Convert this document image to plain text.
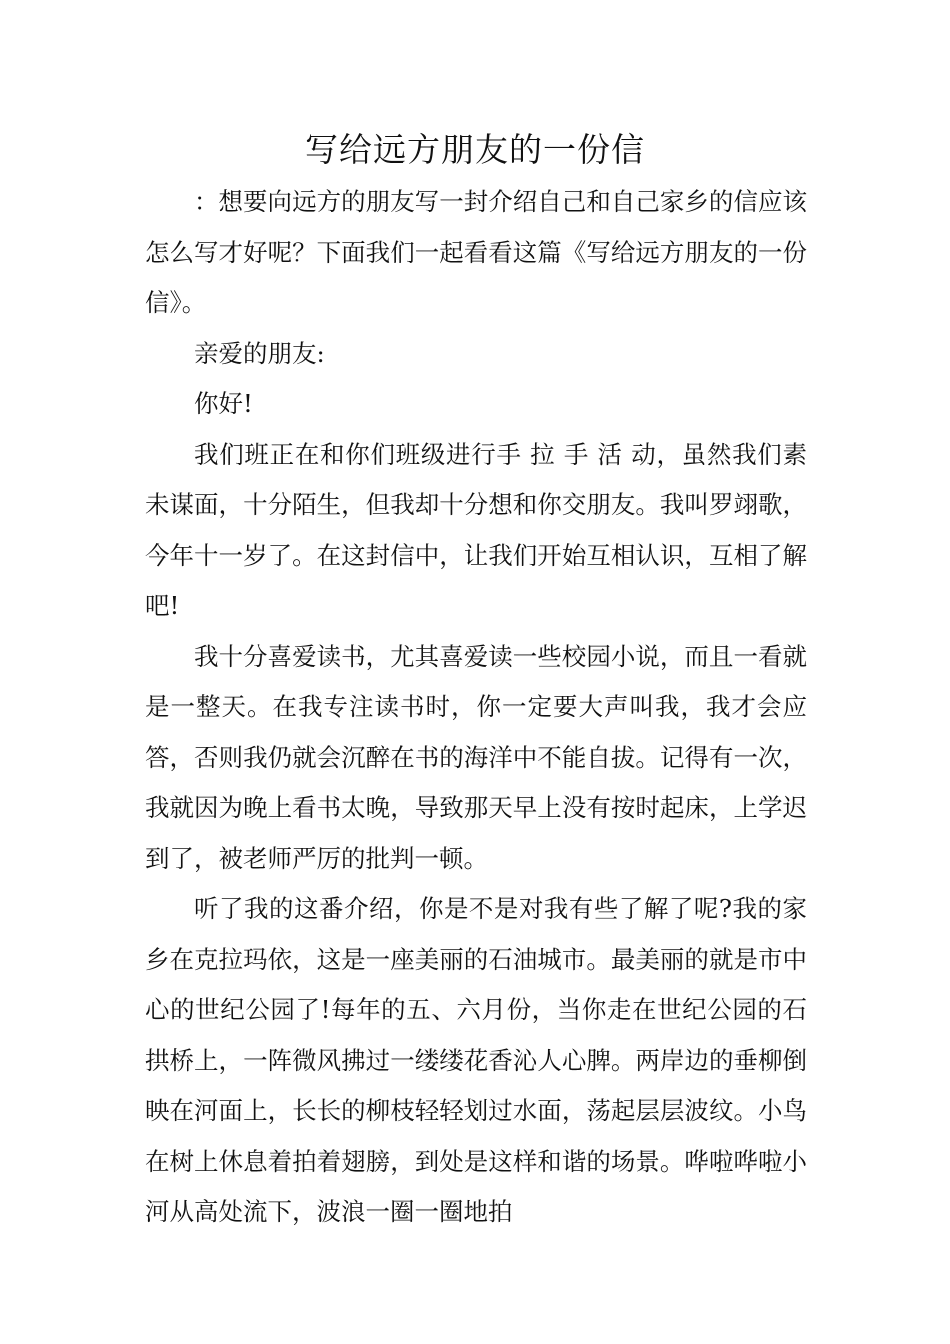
写给远方朋友的一份信

：想要向远方的朋友写一封介绍自己和自己家乡的信应该怎么写才好呢？下面我们一起看看这篇《写给远方朋友的一份信》。

亲爱的朋友:

你好!

我们班正在和你们班级进行手 拉 手 活 动，虽然我们素未谋面，十分陌生，但我却十分想和你交朋友。我叫罗翊歌，今年十一岁了。在这封信中，让我们开始互相认识，互相了解吧!

我十分喜爱读书，尤其喜爱读一些校园小说，而且一看就是一整天。在我专注读书时，你一定要大声叫我，我才会应答，否则我仍就会沉醉在书的海洋中不能自拔。记得有一次，我就因为晚上看书太晚，导致那天早上没有按时起床，上学迟到了，被老师严厉的批判一顿。

听了我的这番介绍，你是不是对我有些了解了呢?我的家乡在克拉玛依，这是一座美丽的石油城市。最美丽的就是市中心的世纪公园了!每年的五、六月份，当你走在世纪公园的石拱桥上，一阵微风拂过一缕缕花香沁人心脾。两岸边的垂柳倒映在河面上，长长的柳枝轻轻划过水面，荡起层层波纹。小鸟在树上休息着拍着翅膀，到处是这样和谐的场景。哗啦哗啦小河从高处流下，波浪一圈一圈地拍
